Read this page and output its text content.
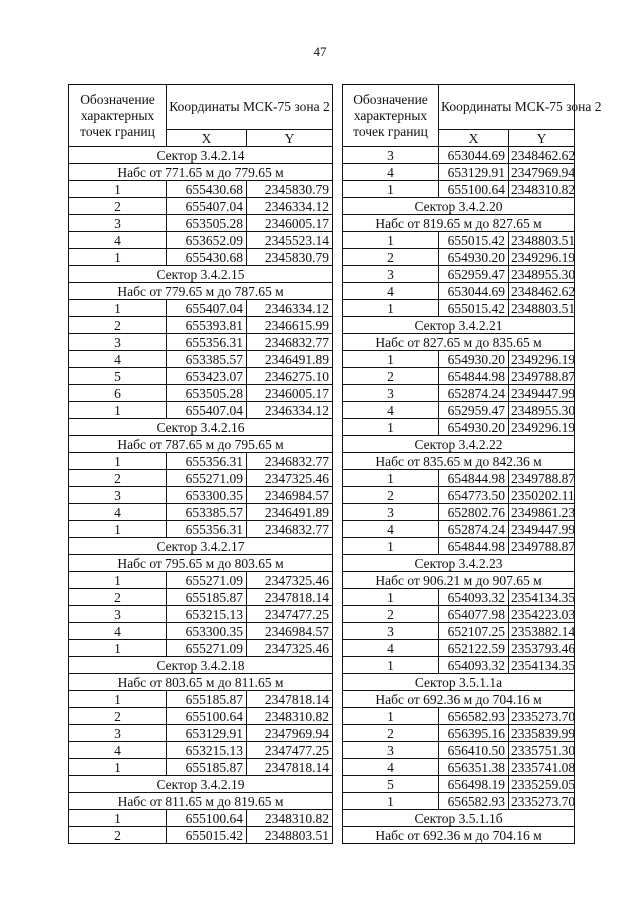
47
Обозначение характерных точек границ	Координаты МСК-75 зона 2	
	X	Y
Сектор 3.4.2.14		
Набс от 771.65 м до 779.65 м		
1	655430.68	2345830.79
2	655407.04	2346334.12
3	653505.28	2346005.17
4	653652.09	2345523.14
1	655430.68	2345830.79
Сектор 3.4.2.15		
Набс от 779.65 м до 787.65 м		
1	655407.04	2346334.12
2	655393.81	2346615.99
3	655356.31	2346832.77
4	653385.57	2346491.89
5	653423.07	2346275.10
6	653505.28	2346005.17
1	655407.04	2346334.12
Сектор 3.4.2.16		
Набс от 787.65 м до 795.65 м		
1	655356.31	2346832.77
2	655271.09	2347325.46
3	653300.35	2346984.57
4	653385.57	2346491.89
1	655356.31	2346832.77
Сектор 3.4.2.17		
Набс от 795.65 м до 803.65 м		
1	655271.09	2347325.46
2	655185.87	2347818.14
3	653215.13	2347477.25
4	653300.35	2346984.57
1	655271.09	2347325.46
Сектор 3.4.2.18		
Набс от 803.65 м до 811.65 м		
1	655185.87	2347818.14
2	655100.64	2348310.82
3	653129.91	2347969.94
4	653215.13	2347477.25
1	655185.87	2347818.14
Сектор 3.4.2.19		
Набс от 811.65 м до 819.65 м		
1	655100.64	2348310.82
2	655015.42	2348803.51
Обозначение характерных точек границ	Координаты МСК-75 зона 2	
	X	Y
3	653044.69	2348462.62
4	653129.91	2347969.94
1	655100.64	2348310.82
Сектор 3.4.2.20		
Набс от 819.65 м до 827.65 м		
1	655015.42	2348803.51
2	654930.20	2349296.19
3	652959.47	2348955.30
4	653044.69	2348462.62
1	655015.42	2348803.51
Сектор 3.4.2.21		
Набс от 827.65 м до 835.65 м		
1	654930.20	2349296.19
2	654844.98	2349788.87
3	652874.24	2349447.99
4	652959.47	2348955.30
1	654930.20	2349296.19
Сектор 3.4.2.22		
Набс от 835.65 м до 842.36 м		
1	654844.98	2349788.87
2	654773.50	2350202.11
3	652802.76	2349861.23
4	652874.24	2349447.99
1	654844.98	2349788.87
Сектор 3.4.2.23		
Набс от 906.21 м до 907.65 м		
1	654093.32	2354134.35
2	654077.98	2354223.03
3	652107.25	2353882.14
4	652122.59	2353793.46
1	654093.32	2354134.35
Сектор 3.5.1.1а		
Набс от 692.36 м до 704.16 м		
1	656582.93	2335273.70
2	656395.16	2335839.99
3	656410.50	2335751.30
4	656351.38	2335741.08
5	656498.19	2335259.05
1	656582.93	2335273.70
Сектор 3.5.1.1б		
Набс от 692.36 м до 704.16 м		
